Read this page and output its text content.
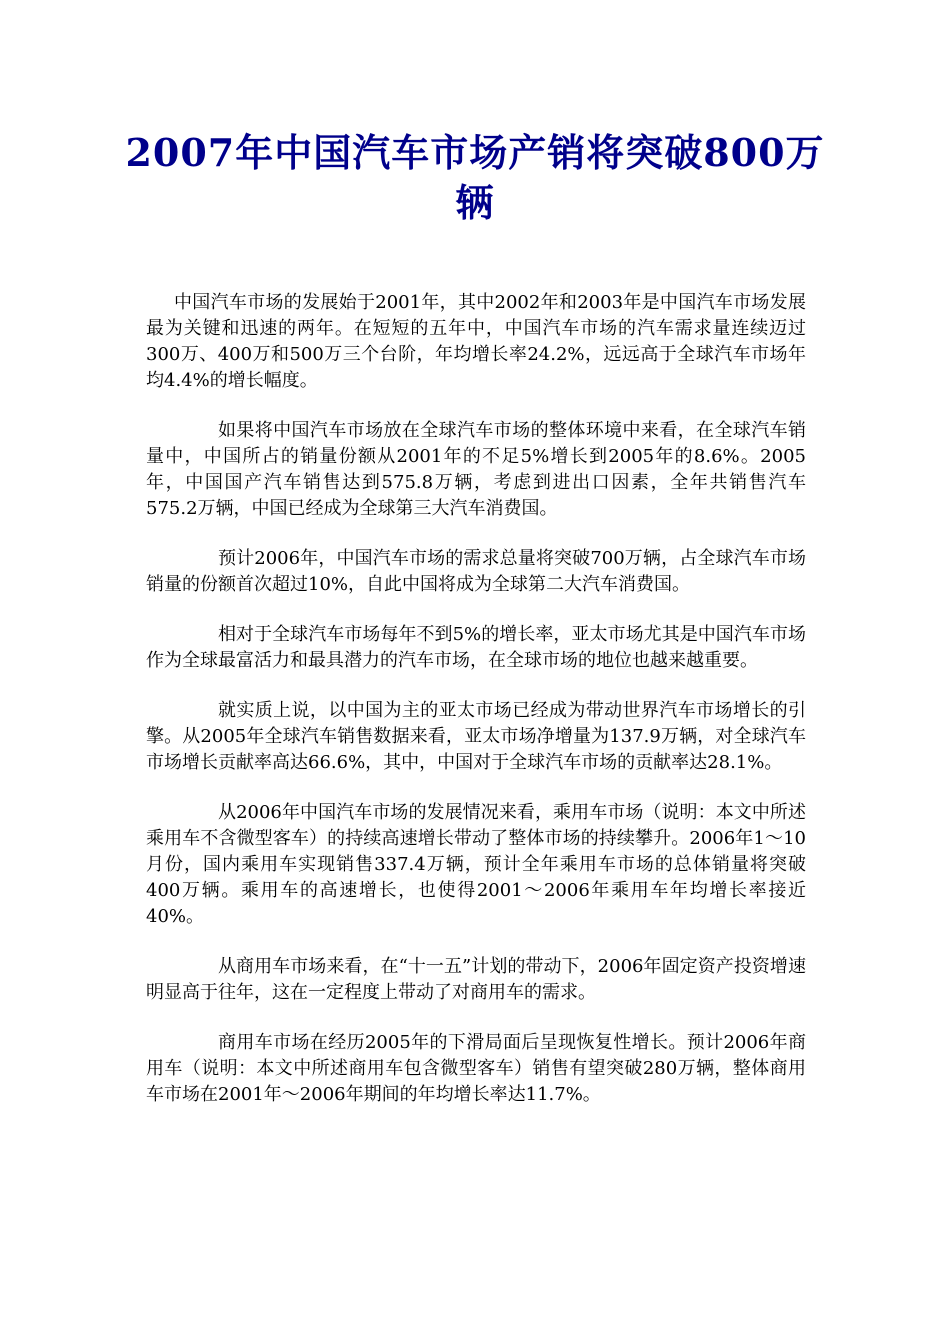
2007年中国汽车市场产销将突破800万辆

中国汽车市场的发展始于2001年，其中2002年和2003年是中国汽车市场发展最为关键和迅速的两年。在短短的五年中，中国汽车市场的汽车需求量连续迈过300万、400万和500万三个台阶，年均增长率24.2%，远远高于全球汽车市场年均4.4%的增长幅度。

如果将中国汽车市场放在全球汽车市场的整体环境中来看，在全球汽车销量中，中国所占的销量份额从2001年的不足5%增长到2005年的8.6%。2005年，中国国产汽车销售达到575.8万辆，考虑到进出口因素，全年共销售汽车575.2万辆，中国已经成为全球第三大汽车消费国。

预计2006年，中国汽车市场的需求总量将突破700万辆，占全球汽车市场销量的份额首次超过10%，自此中国将成为全球第二大汽车消费国。

相对于全球汽车市场每年不到5%的增长率，亚太市场尤其是中国汽车市场作为全球最富活力和最具潜力的汽车市场，在全球市场的地位也越来越重要。

就实质上说，以中国为主的亚太市场已经成为带动世界汽车市场增长的引擎。从2005年全球汽车销售数据来看，亚太市场净增量为137.9万辆，对全球汽车市场增长贡献率高达66.6%，其中，中国对于全球汽车市场的贡献率达28.1%。

从2006年中国汽车市场的发展情况来看，乘用车市场（说明：本文中所述乘用车不含微型客车）的持续高速增长带动了整体市场的持续攀升。2006年1～10月份，国内乘用车实现销售337.4万辆，预计全年乘用车市场的总体销量将突破400万辆。乘用车的高速增长，也使得2001～2006年乘用车年均增长率接近40%。

从商用车市场来看，在“十一五”计划的带动下，2006年固定资产投资增速明显高于往年，这在一定程度上带动了对商用车的需求。

商用车市场在经历2005年的下滑局面后呈现恢复性增长。预计2006年商用车（说明：本文中所述商用车包含微型客车）销售有望突破280万辆，整体商用车市场在2001年～2006年期间的年均增长率达11.7%。
